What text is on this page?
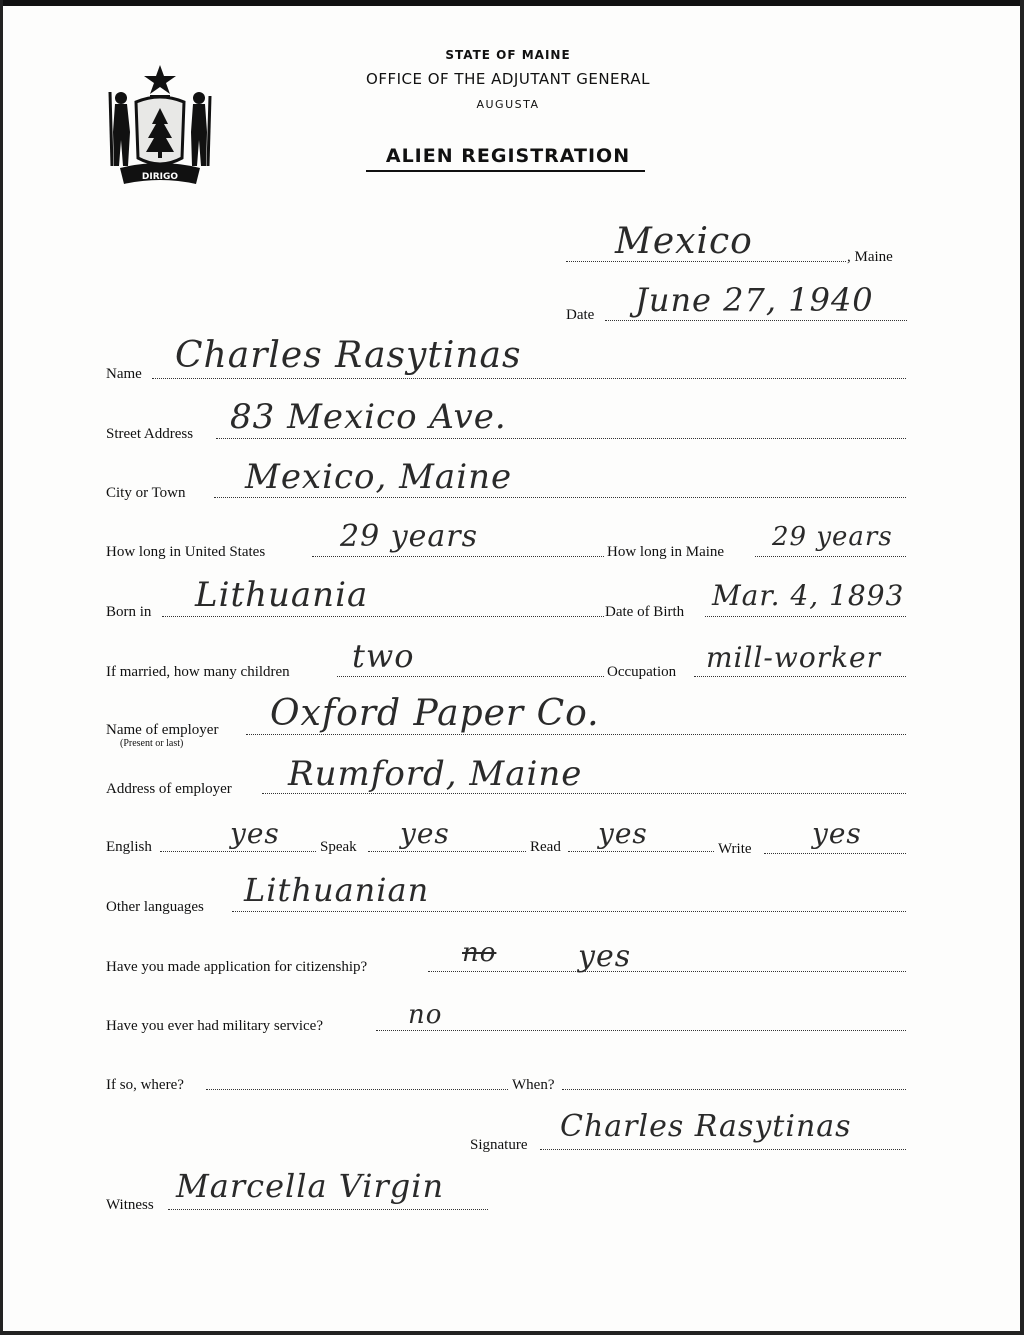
DIRIGO
STATE OF MAINE
OFFICE OF THE ADJUTANT GENERAL
AUGUSTA
ALIEN REGISTRATION
Mexico	, Maine
Date June 27, 1940
Name Charles Rasytinas
Street Address 83 Mexico Ave.
City or Town Mexico, Maine
How long in United States 29 years	How long in Maine 29 years
Born in Lithuania	Date of Birth Mar. 4, 1893
If married, how many children two	Occupation mill-worker
Name of employer
(Present or last)
Oxford Paper Co.
Address of employer Rumford, Maine
English	yes	Speak yes	Read yes	Write yes
Other languages Lithuanian
Have you made application for citizenship?	no	yes
Have you ever had military service?	no
If so, where?	When?
Signature
Charles Rasytinas
Witness Marcella Virgin
